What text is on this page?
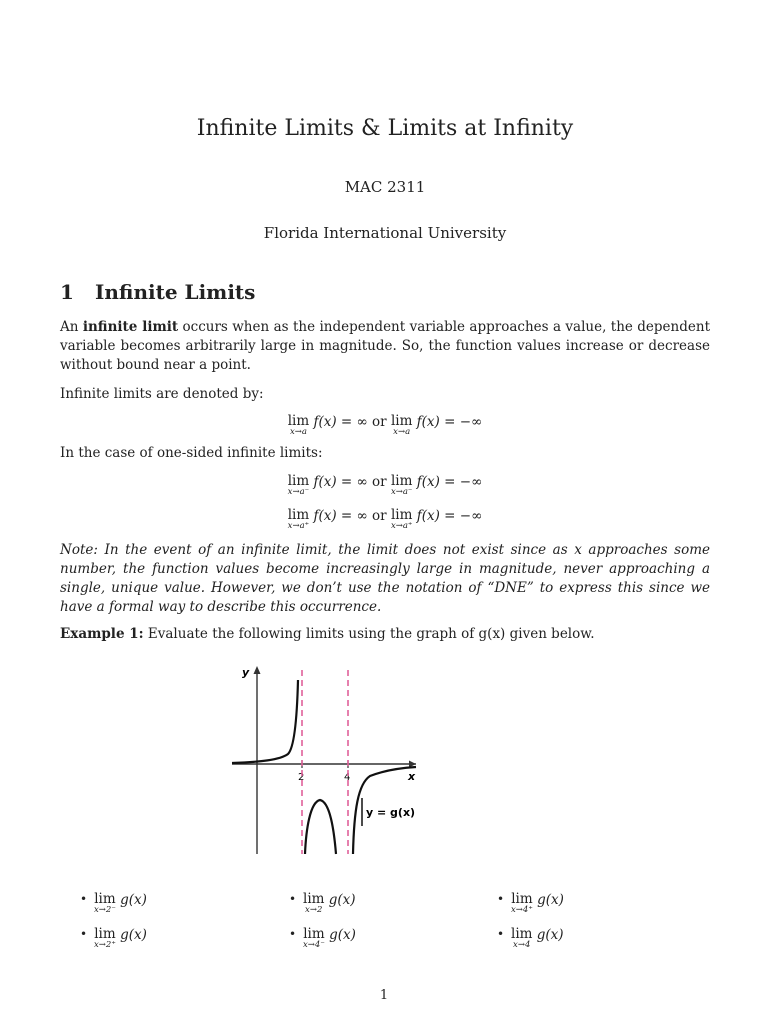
Infinite Limits & Limits at Infinity
MAC 2311
Florida International University
1 Infinite Limits
An infinite limit occurs when as the independent variable approaches a value, the dependent variable becomes arbitrarily large in magnitude. So, the function values increase or decrease without bound near a point.
Infinite limits are denoted by:
lim
x→a
f(x) = ∞ or lim
x→a
f(x) = −∞
In the case of one-sided infinite limits:
lim
x→a⁻
f(x) = ∞ or lim
x→a⁻
f(x) = −∞
lim
x→a⁺
f(x) = ∞ or lim
x→a⁺
f(x) = −∞
Note: In the event of an infinite limit, the limit does not exist since as x approaches some number, the function values become increasingly large in magnitude, never approaching a single, unique value. However, we don’t use the notation of “DNE” to express this since we have a formal way to describe this occurrence.
Example 1: Evaluate the following limits using the graph of g(x) given below.
y
x
2	4
y = g(x)
• lim
x→2⁻
g(x)	• lim
x→2
g(x)	• lim
x→4⁺
g(x)
• lim
x→2⁺
g(x)	• lim
x→4⁻
g(x)	• lim
x→4
g(x)
1
